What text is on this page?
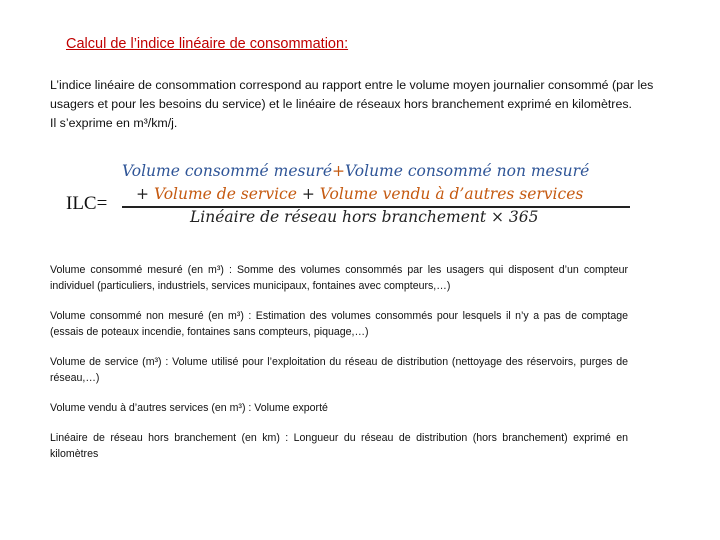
Calcul de l’indice linéaire de consommation:

L’indice linéaire de consommation correspond au rapport entre le volume moyen journalier consommé (par les usagers et pour les besoins du service) et le linéaire de réseaux hors branchement exprimé en kilomètres.

Il s’exprime en m³/km/j.

ILC=
Volume consommé mesuré+Volume consommé non mesuré
+ Volume de service + Volume vendu à d’autres services
Linéaire de réseau hors branchement × 365

Volume consommé mesuré (en m³) : Somme des volumes consommés par les usagers qui disposent d’un compteur individuel (particuliers, industriels, services municipaux, fontaines avec compteurs,…)

Volume consommé non mesuré (en m³) : Estimation des volumes consommés pour lesquels il n’y a pas de comptage (essais de poteaux incendie, fontaines sans compteurs, piquage,…)

Volume de service (m³) : Volume utilisé pour l’exploitation du réseau de distribution (nettoyage des réservoirs, purges de réseau,…)

Volume vendu à d’autres services (en m³) : Volume exporté

Linéaire de réseau hors branchement (en km) : Longueur du réseau de distribution (hors branchement) exprimé en kilomètres
